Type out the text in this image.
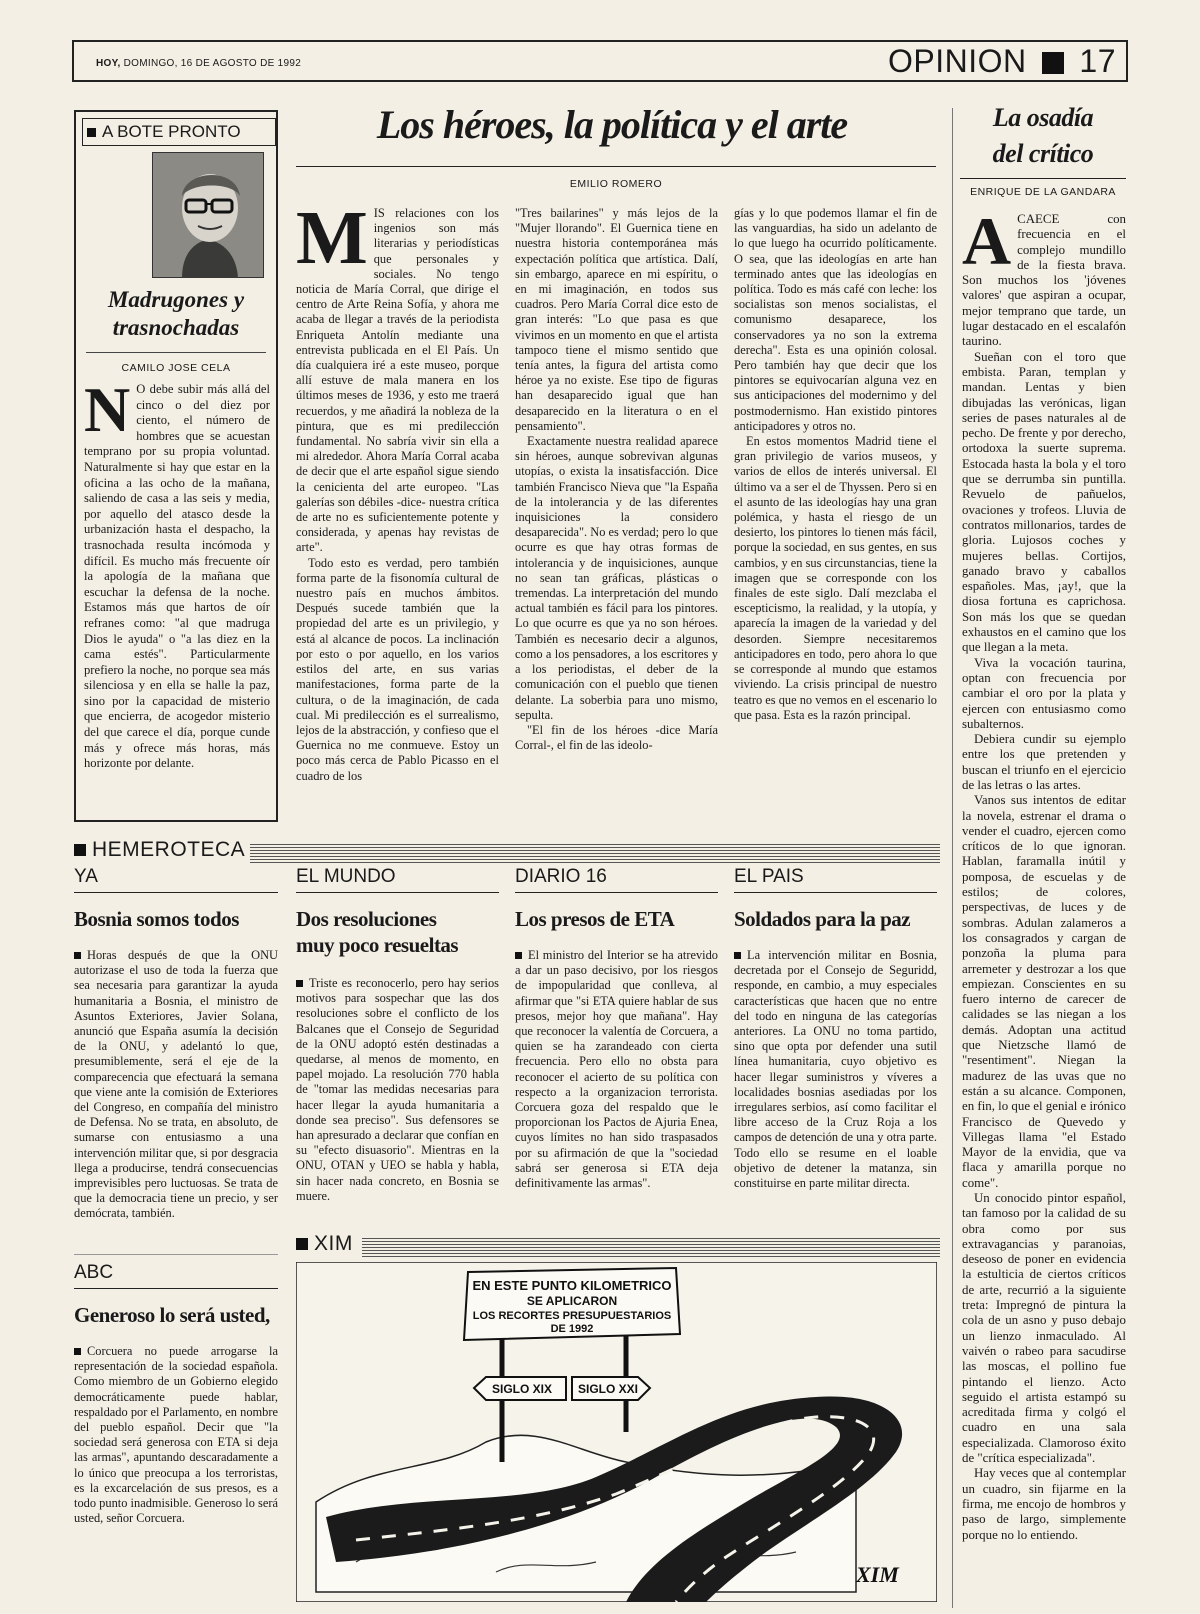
HOY, DOMINGO, 16 DE AGOSTO DE 1992	OPINION 17
A BOTE PRONTO
Madrugones y
trasnochadas
CAMILO JOSE CELA
N O debe subir más allá del cinco o del diez por ciento, el número de hombres que se acuestan temprano por su propia voluntad. Naturalmente si hay que estar en la oficina a las ocho de la mañana, saliendo de casa a las seis y media, por aquello del atasco desde la urbanización hasta el despacho, la trasnochada resulta incómoda y difícil. Es mucho más frecuente oír la apología de la mañana que escuchar la defensa de la noche. Estamos más que hartos de oír refranes como: "al que madruga Dios le ayuda" o "a las diez en la cama estés". Particularmente prefiero la noche, no porque sea más silenciosa y en ella se halle la paz, sino por la capacidad de misterio que encierra, de acogedor misterio del que carece el día, porque cunde más y ofrece más horas, más horizonte por delante.
Los héroes, la política y el arte
EMILIO ROMERO
M IS relaciones con los ingenios son más literarias y periodísticas que personales y sociales. No tengo noticia de María Corral, que dirige el centro de Arte Reina Sofía, y ahora me acaba de llegar a través de la periodista Enriqueta Antolín mediante una entrevista publicada en el El País. Un día cualquiera iré a este museo, porque allí estuve de mala manera en los últimos meses de 1936, y esto me traerá recuerdos, y me añadirá la nobleza de la pintura, que es mi predilección fundamental. No sabría vivir sin ella a mi alrededor. Ahora María Corral acaba de decir que el arte español sigue siendo la cenicienta del arte europeo. "Las galerías son débiles -dice- nuestra crítica de arte no es suficientemente potente y considerada, y apenas hay revistas de arte".

Todo esto es verdad, pero también forma parte de la fisonomía cultural de nuestro país en muchos ámbitos. Después sucede también que la propiedad del arte es un privilegio, y está al alcance de pocos. La inclinación por esto o por aquello, en los varios estilos del arte, en sus varias manifestaciones, forma parte de la cultura, o de la imaginación, de cada cual. Mi predilección es el surrealismo, lejos de la abstracción, y confieso que el Guernica no me conmueve. Estoy un poco más cerca de Pablo Picasso en el cuadro de los

"Tres bailarines" y más lejos de la "Mujer llorando". El Guernica tiene en nuestra historia contemporánea más expectación política que artística. Dalí, sin embargo, aparece en mi espíritu, o en mi imaginación, en todos sus cuadros. Pero María Corral dice esto de gran interés: "Lo que pasa es que vivimos en un momento en que el artista tampoco tiene el mismo sentido que tenía antes, la figura del artista como héroe ya no existe. Ese tipo de figuras han desaparecido igual que han desaparecido en la literatura o en el pensamiento".

Exactamente nuestra realidad aparece sin héroes, aunque sobrevivan algunas utopías, o exista la insatisfacción. Dice también Francisco Nieva que "la España de la intolerancia y de las diferentes inquisiciones la considero desaparecida". No es verdad; pero lo que ocurre es que hay otras formas de intolerancia y de inquisiciones, aunque no sean tan gráficas, plásticas o tremendas. La interpretación del mundo actual también es fácil para los pintores. Lo que ocurre es que ya no son héroes. También es necesario decir a algunos, como a los pensadores, a los escritores y a los periodistas, el deber de la comunicación con el pueblo que tienen delante. La soberbia para uno mismo, sepulta.

"El fin de los héroes -dice María Corral-, el fin de las ideolo-

gías y lo que podemos llamar el fin de las vanguardias, ha sido un adelanto de lo que luego ha ocurrido políticamente. O sea, que las ideologías en arte han terminado antes que las ideologías en política. Todo es más café con leche: los socialistas son menos socialistas, el comunismo desaparece, los conservadores ya no son la extrema derecha". Esta es una opinión colosal. Pero también hay que decir que los pintores se equivocarían alguna vez en sus anticipaciones del modernimo y del postmodernismo. Han existido pintores anticipadores y otros no.

En estos momentos Madrid tiene el gran privilegio de varios museos, y varios de ellos de interés universal. El último va a ser el de Thyssen. Pero si en el asunto de las ideologías hay una gran polémica, y hasta el riesgo de un desierto, los pintores lo tienen más fácil, porque la sociedad, en sus gentes, en sus cambios, y en sus circunstancias, tiene la imagen que se corresponde con los finales de este siglo. Dalí mezclaba el escepticismo, la realidad, y la utopía, y aparecía la imagen de la variedad y del desorden. Siempre necesitaremos anticipadores en todo, pero ahora lo que se corresponde al mundo que estamos viviendo. La crisis principal de nuestro teatro es que no vemos en el escenario lo que pasa. Esta es la razón principal.

La osadía
del crítico
ENRIQUE DE LA GANDARA
A CAECE con frecuencia en el complejo mundillo de la fiesta brava. Son muchos los 'jóvenes valores' que aspiran a ocupar, mejor temprano que tarde, un lugar destacado en el escalafón taurino.

Sueñan con el toro que embista. Paran, templan y mandan. Lentas y bien dibujadas las verónicas, ligan series de pases naturales al de pecho. De frente y por derecho, ortodoxa la suerte suprema. Estocada hasta la bola y el toro que se derrumba sin puntilla. Revuelo de pañuelos, ovaciones y trofeos. Lluvia de contratos millonarios, tardes de gloria. Lujosos coches y mujeres bellas. Cortijos, ganado bravo y caballos españoles. Mas, ¡ay!, que la diosa fortuna es caprichosa. Son más los que se quedan exhaustos en el camino que los que llegan a la meta.

Viva la vocación taurina, optan con frecuencia por cambiar el oro por la plata y ejercen con entusiasmo como subalternos.

Debiera cundir su ejemplo entre los que pretenden y buscan el triunfo en el ejercicio de las letras o las artes.

Vanos sus intentos de editar la novela, estrenar el drama o vender el cuadro, ejercen como críticos de lo que ignoran. Hablan, faramalla inútil y pomposa, de escuelas y de estilos; de colores, perspectivas, de luces y de sombras. Adulan zalameros a los consagrados y cargan de ponzoña la pluma para arremeter y destrozar a los que empiezan. Conscientes en su fuero interno de carecer de calidades se las niegan a los demás. Adoptan una actitud que Nietzsche llamó de "resentiment". Niegan la madurez de las uvas que no están a su alcance. Componen, en fin, lo que el genial e irónico Francisco de Quevedo y Villegas llama "el Estado Mayor de la envidia, que va flaca y amarilla porque no come".

Un conocido pintor español, tan famoso por la calidad de su obra como por sus extravagancias y paranoias, deseoso de poner en evidencia la estulticia de ciertos críticos de arte, recurrió a la siguiente treta: Impregnó de pintura la cola de un asno y puso debajo un lienzo inmaculado. Al vaivén o rabeo para sacudirse las moscas, el pollino fue pintando el lienzo. Acto seguido el artista estampó su acreditada firma y colgó el cuadro en una sala especializada. Clamoroso éxito de "crítica especializada".

Hay veces que al contemplar un cuadro, sin fijarme en la firma, me encojo de hombros y paso de largo, simplemente porque no lo entiendo.

HEMEROTECA
YA
Bosnia somos todos
Horas después de que la ONU autorizase el uso de toda la fuerza que sea necesaria para garantizar la ayuda humanitaria a Bosnia, el ministro de Asuntos Exteriores, Javier Solana, anunció que España asumía la decisión de la ONU, y adelantó lo que, presumiblemente, será el eje de la comparecencia que efectuará la semana que viene ante la comisión de Exteriores del Congreso, en compañía del ministro de Defensa. No se trata, en absoluto, de sumarse con entusiasmo a una intervención militar que, si por desgracia llega a producirse, tendrá consecuencias imprevisibles pero luctuosas. Se trata de que la democracia tiene un precio, y ser demócrata, también.
ABC
Generoso lo será usted,
Corcuera no puede arrogarse la representación de la sociedad española. Como miembro de un Gobierno elegido democráticamente puede hablar, respaldado por el Parlamento, en nombre del pueblo español. Decir que "la sociedad será generosa con ETA si deja las armas", apuntando descaradamente a lo único que preocupa a los terroristas, es la excarcelación de sus presos, es a todo punto inadmisible. Generoso lo será usted, señor Corcuera.
EL MUNDO
Dos resoluciones
muy poco resueltas
Triste es reconocerlo, pero hay serios motivos para sospechar que las dos resoluciones sobre el conflicto de los Balcanes que el Consejo de Seguridad de la ONU adoptó estén destinadas a quedarse, al menos de momento, en papel mojado. La resolución 770 habla de "tomar las medidas necesarias para hacer llegar la ayuda humanitaria a donde sea preciso". Sus defensores se han apresurado a declarar que confían en su "efecto disuasorio". Mientras en la ONU, OTAN y UEO se habla y habla, sin hacer nada concreto, en Bosnia se muere.
DIARIO 16
Los presos de ETA
El ministro del Interior se ha atrevido a dar un paso decisivo, por los riesgos de impopularidad que conlleva, al afirmar que "si ETA quiere hablar de sus presos, mejor hoy que mañana". Hay que reconocer la valentía de Corcuera, a quien se ha zarandeado con cierta frecuencia. Pero ello no obsta para reconocer el acierto de su política con respecto a la organizacion terrorista. Corcuera goza del respaldo que le proporcionan los Pactos de Ajuria Enea, cuyos límites no han sido traspasados por su afirmación de que la "sociedad sabrá ser generosa si ETA deja definitivamente las armas".
EL PAIS
Soldados para la paz
La intervención militar en Bosnia, decretada por el Consejo de Seguridd, responde, en cambio, a muy especiales características que hacen que no entre del todo en ninguna de las categorías anteriores. La ONU no toma partido, sino que opta por defender una sutil línea humanitaria, cuyo objetivo es hacer llegar suministros y víveres a localidades bosnias asediadas por los irregulares serbios, así como facilitar el libre acceso de la Cruz Roja a los campos de detención de una y otra parte. Todo ello se resume en el loable objetivo de detener la matanza, sin constituirse en parte militar directa.
XIM
EN ESTE PUNTO KILOMETRICO
SE APLICARON
LOS RECORTES PRESUPUESTARIOS
DE 1992
SIGLO XIX SIGLO XXI
XIM
